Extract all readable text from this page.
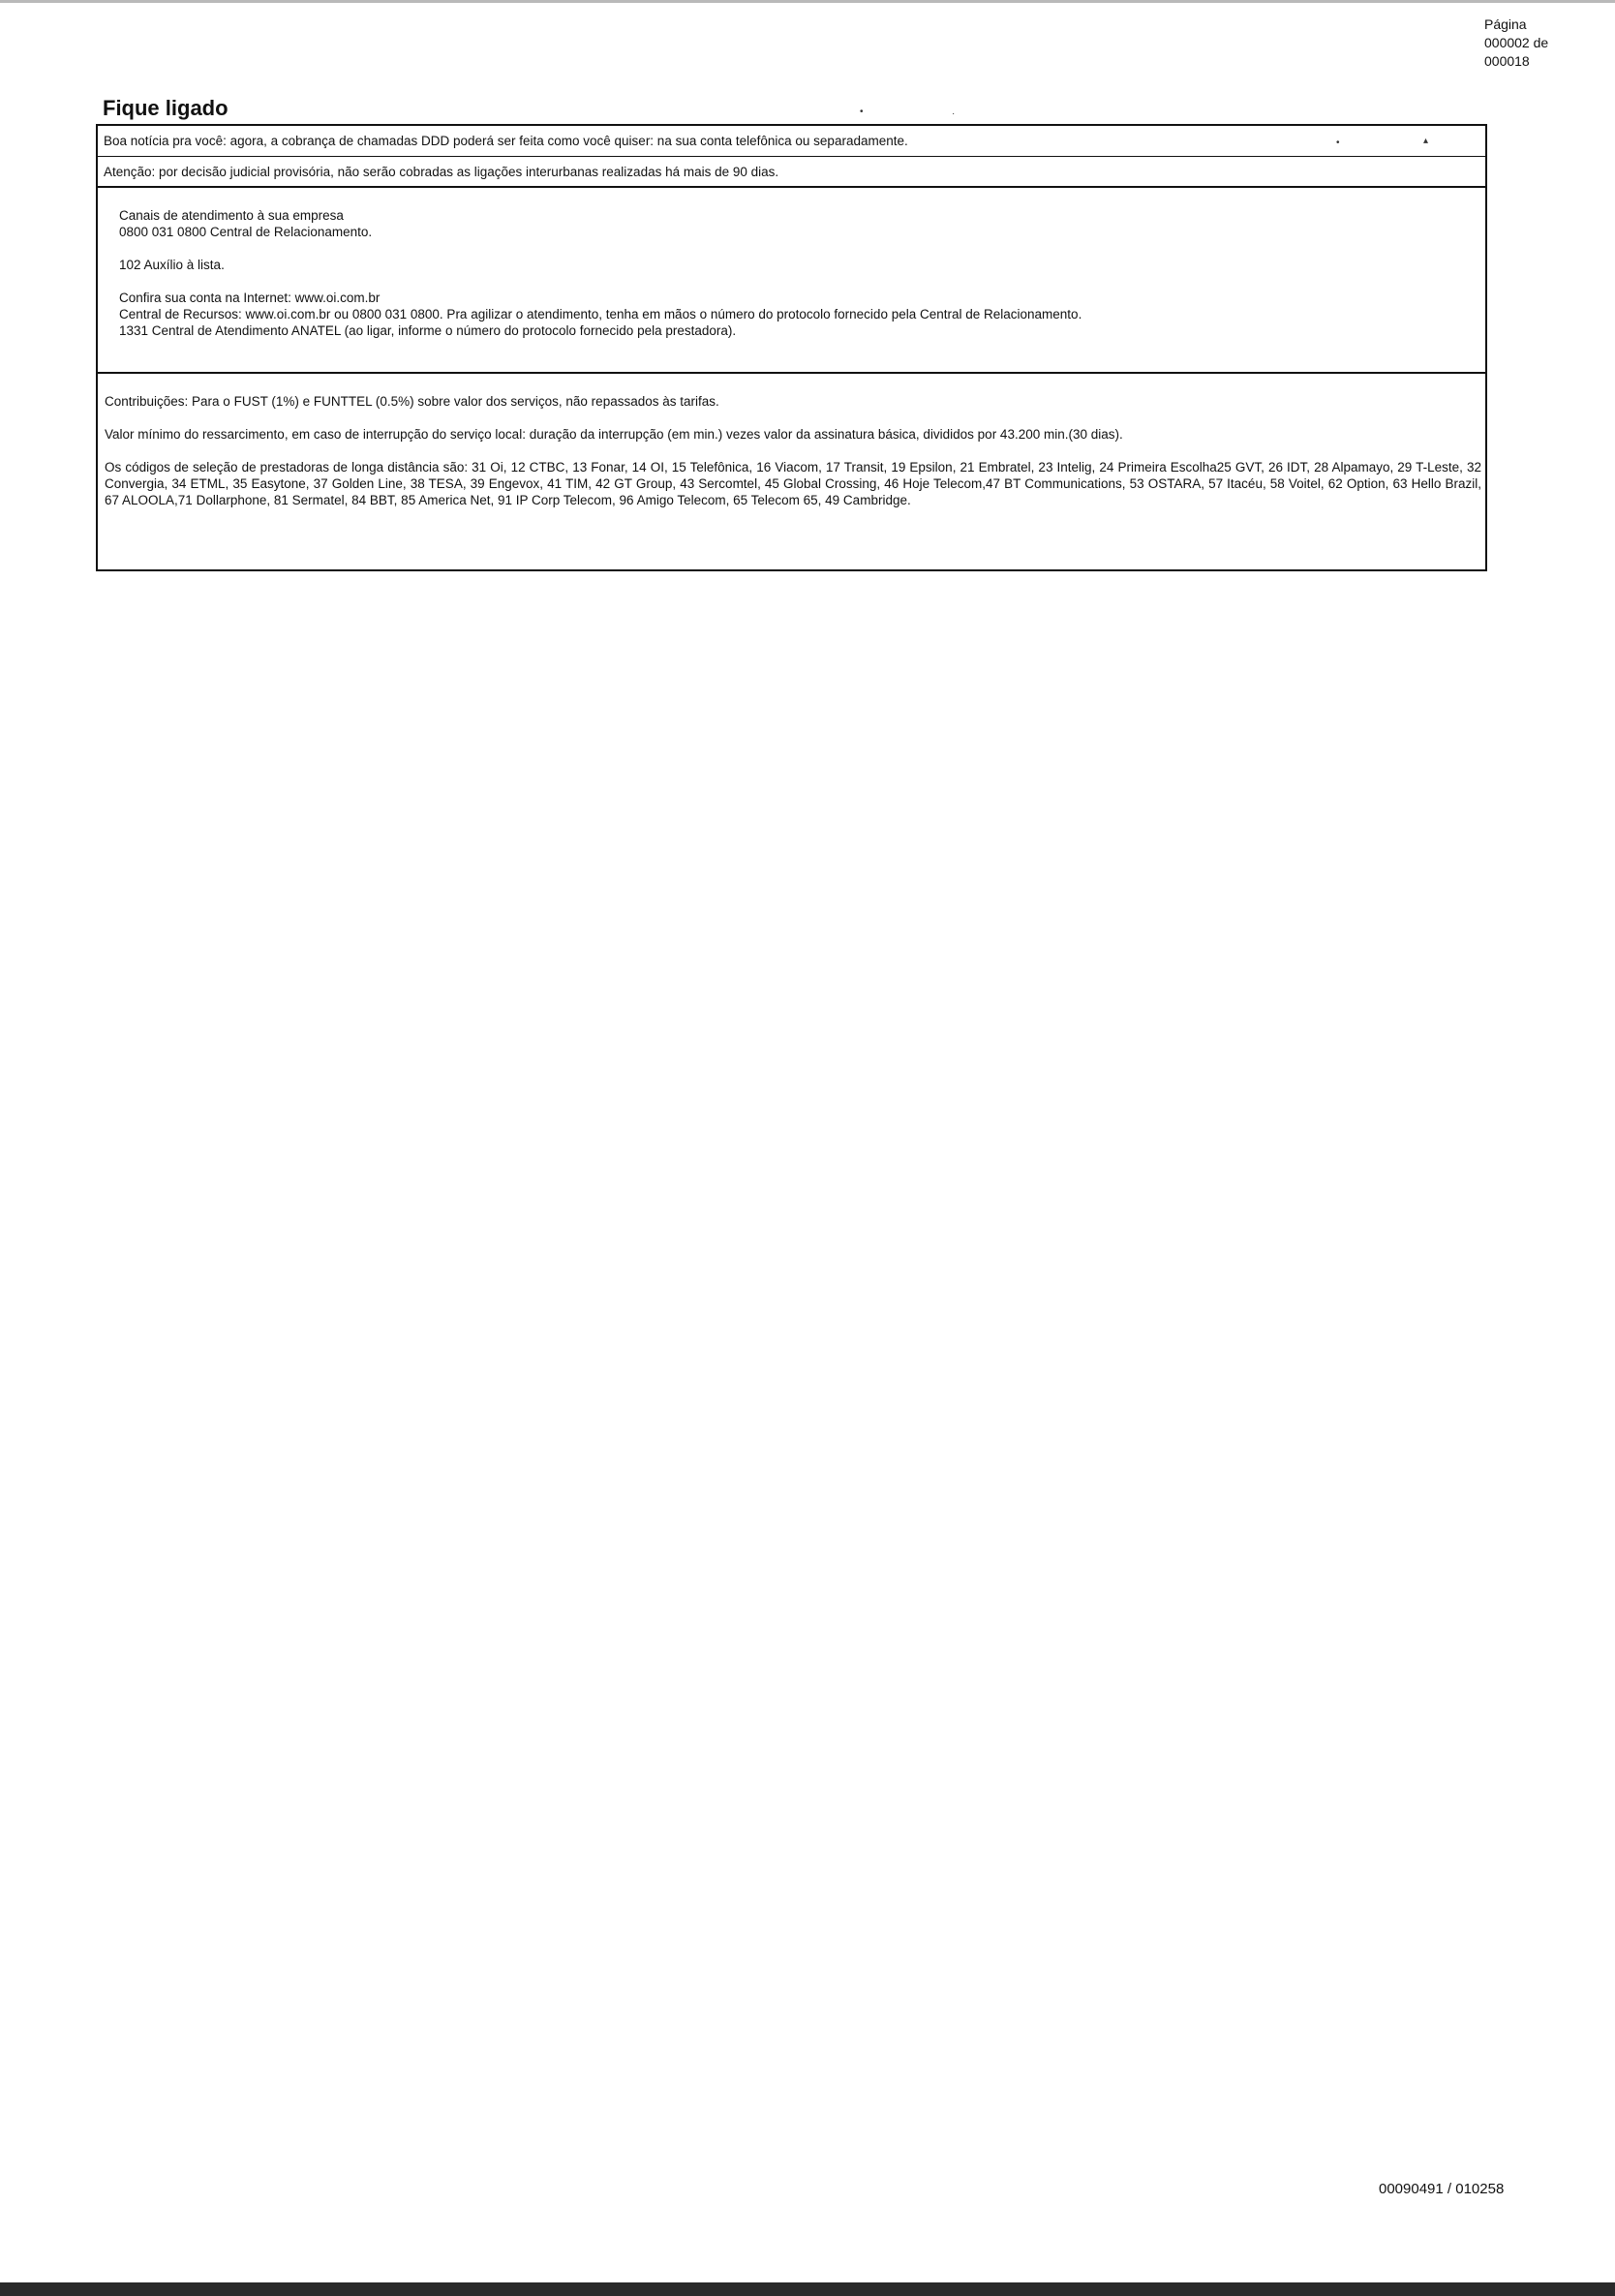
Página
000002 de
000018
Fique ligado	•	·
•	▴
Boa notícia pra você: agora, a cobrança de chamadas DDD poderá ser feita como você quiser: na sua conta telefônica ou separadamente.
Atenção: por decisão judicial provisória, não serão cobradas as ligações interurbanas realizadas há mais de 90 dias.

Canais de atendimento à sua empresa

0800 031 0800 Central de Relacionamento.

102 Auxílio à lista.

Confira sua conta na Internet: www.oi.com.br

Central de Recursos: www.oi.com.br ou 0800 031 0800. Pra agilizar o atendimento, tenha em mãos o número do protocolo fornecido pela Central de Relacionamento.

1331 Central de Atendimento ANATEL (ao ligar, informe o número do protocolo fornecido pela prestadora).

Contribuições: Para o FUST (1%) e FUNTTEL (0.5%) sobre valor dos serviços, não repassados às tarifas.

Valor mínimo do ressarcimento, em caso de interrupção do serviço local: duração da interrupção (em min.) vezes valor da assinatura básica, divididos por 43.200 min.(30 dias).

Os códigos de seleção de prestadoras de longa distância são: 31 Oi, 12 CTBC, 13 Fonar, 14 OI, 15 Telefônica, 16 Viacom, 17 Transit, 19 Epsilon, 21 Embratel, 23 Intelig, 24 Primeira Escolha25 GVT, 26 IDT, 28 Alpamayo, 29 T-Leste, 32 Convergia, 34 ETML, 35 Easytone, 37 Golden Line, 38 TESA, 39 Engevox, 41 TIM, 42 GT Group, 43 Sercomtel, 45 Global Crossing, 46 Hoje Telecom,47 BT Communications, 53 OSTARA, 57 Itacéu, 58 Voitel, 62 Option, 63 Hello Brazil, 67 ALOOLA,71 Dollarphone, 81 Sermatel, 84 BBT, 85 America Net, 91 IP Corp Telecom, 96 Amigo Telecom, 65 Telecom 65, 49 Cambridge.

00090491 / 010258
